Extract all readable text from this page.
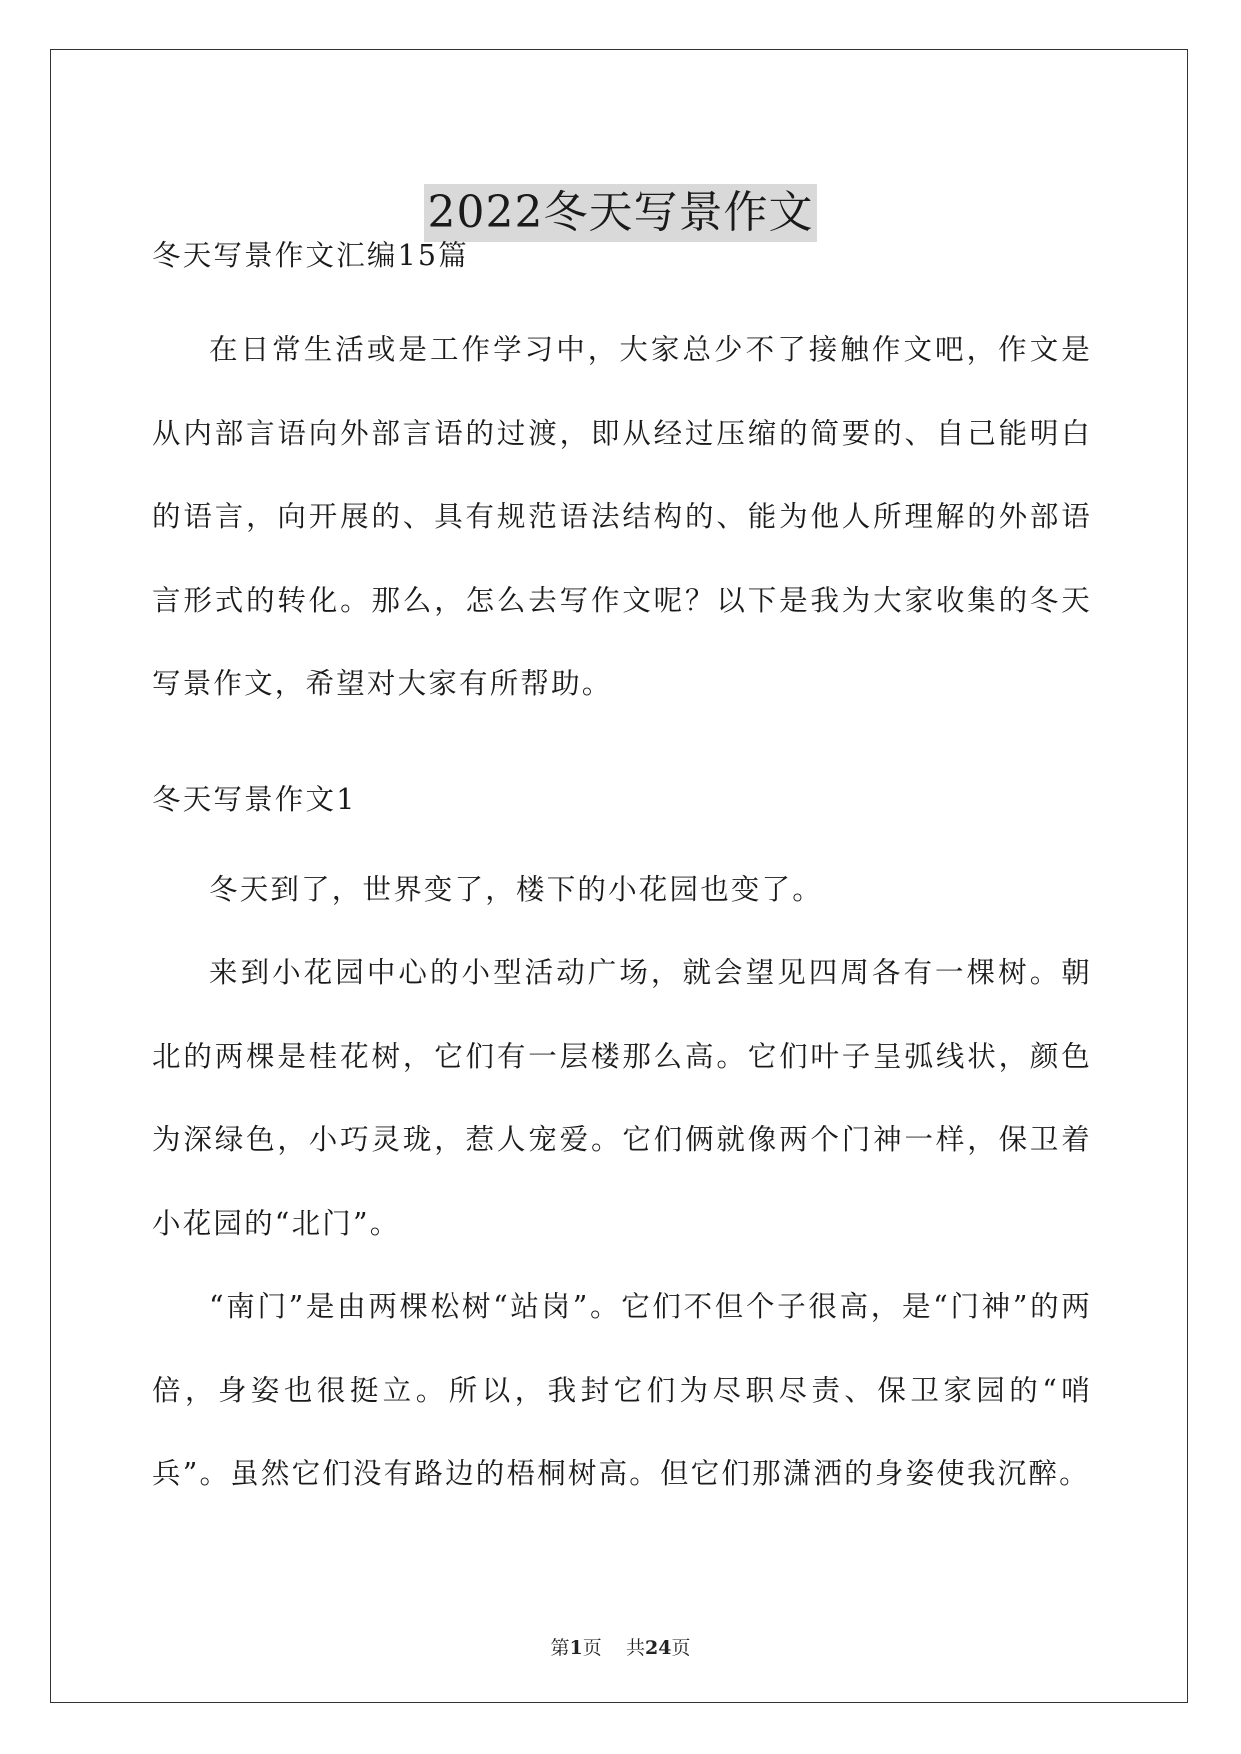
2022冬天写景作文

冬天写景作文汇编15篇

在日常生活或是工作学习中，大家总少不了接触作文吧，作文是从内部言语向外部言语的过渡，即从经过压缩的简要的、自己能明白的语言，向开展的、具有规范语法结构的、能为他人所理解的外部语言形式的转化。那么，怎么去写作文呢？以下是我为大家收集的冬天写景作文，希望对大家有所帮助。

冬天写景作文1

冬天到了，世界变了，楼下的小花园也变了。

来到小花园中心的小型活动广场，就会望见四周各有一棵树。朝北的两棵是桂花树，它们有一层楼那么高。它们叶子呈弧线状，颜色为深绿色，小巧灵珑，惹人宠爱。它们俩就像两个门神一样，保卫着小花园的“北门”。

“南门”是由两棵松树“站岗”。它们不但个子很高，是“门神”的两倍，身姿也很挺立。所以，我封它们为尽职尽责、保卫家园的“哨兵”。虽然它们没有路边的梧桐树高。但它们那潇洒的身姿使我沉醉。

第1页 共24页
